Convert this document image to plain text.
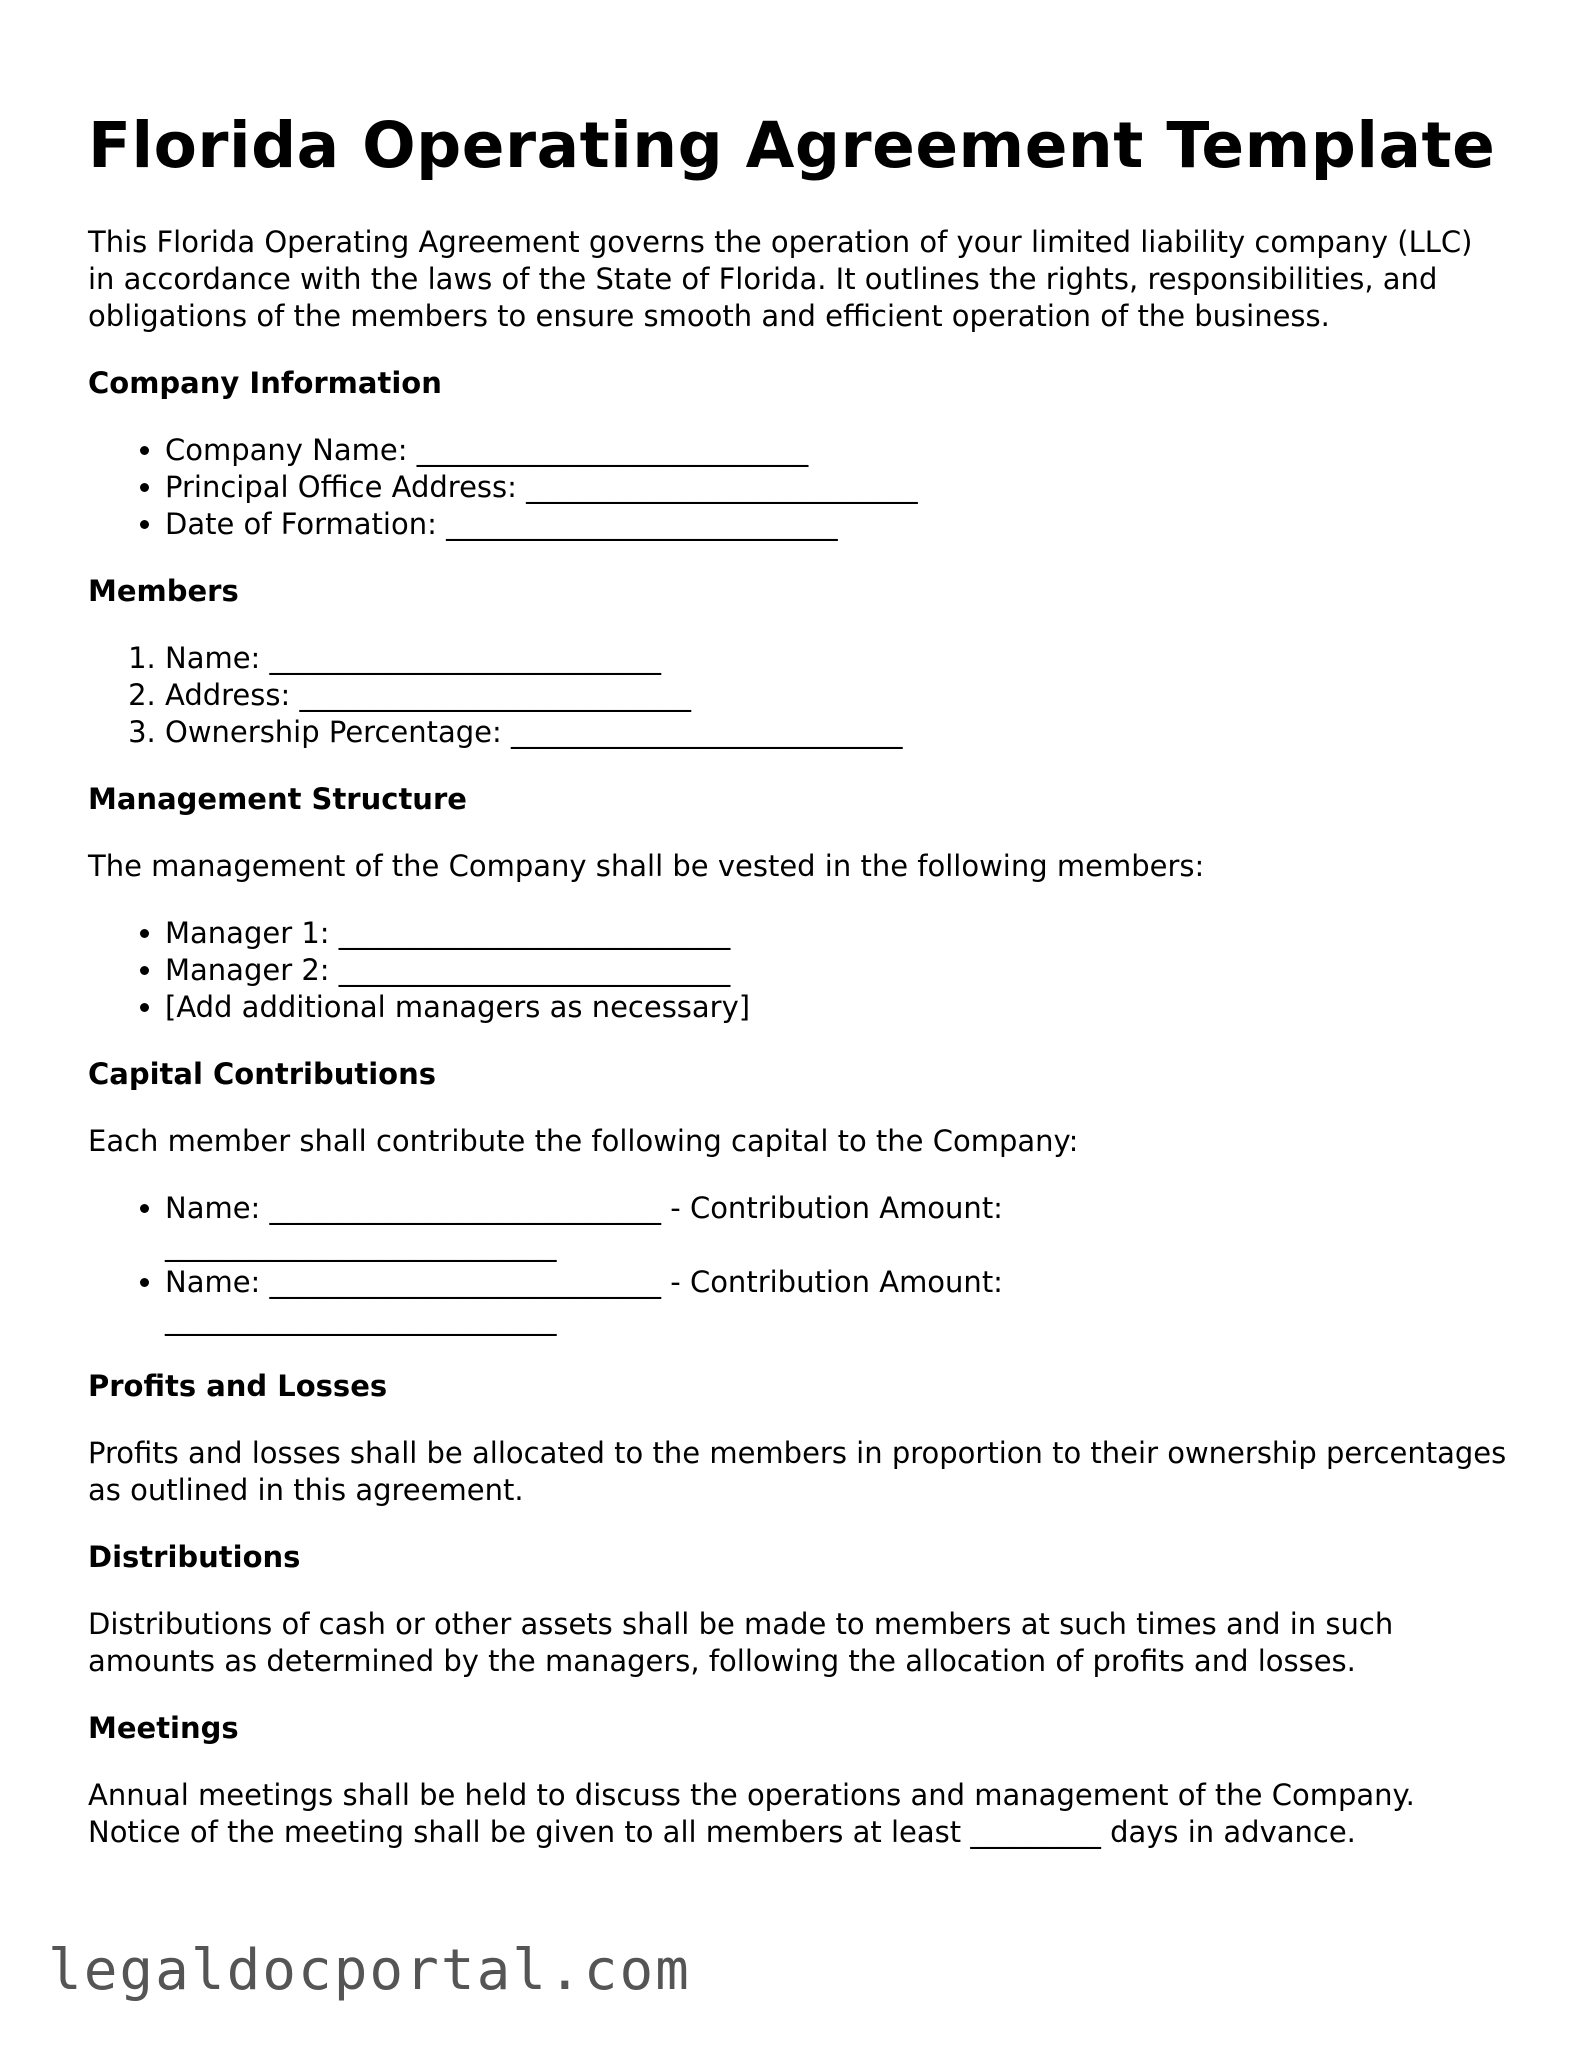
Florida Operating Agreement Template

This Florida Operating Agreement governs the operation of your limited liability company (LLC) in accordance with the laws of the State of Florida. It outlines the rights, responsibilities, and obligations of the members to ensure smooth and efficient operation of the business.

Company Information
• Company Name: ___________________________
• Principal Office Address: ___________________________
• Date of Formation: ___________________________
Members
1. Name: ___________________________
2. Address: ___________________________
3. Ownership Percentage: ___________________________
Management Structure

The management of the Company shall be vested in the following members:

• Manager 1: ___________________________
• Manager 2: ___________________________
• [Add additional managers as necessary]
Capital Contributions

Each member shall contribute the following capital to the Company:

• Name: ___________________________ - Contribution Amount: ___________________________
• Name: ___________________________ - Contribution Amount: ___________________________
Profits and Losses

Profits and losses shall be allocated to the members in proportion to their ownership percentages as outlined in this agreement.

Distributions

Distributions of cash or other assets shall be made to members at such times and in such amounts as determined by the managers, following the allocation of profits and losses.

Meetings

Annual meetings shall be held to discuss the operations and management of the Company. Notice of the meeting shall be given to all members at least _________ days in advance.

legaldocportal.com
